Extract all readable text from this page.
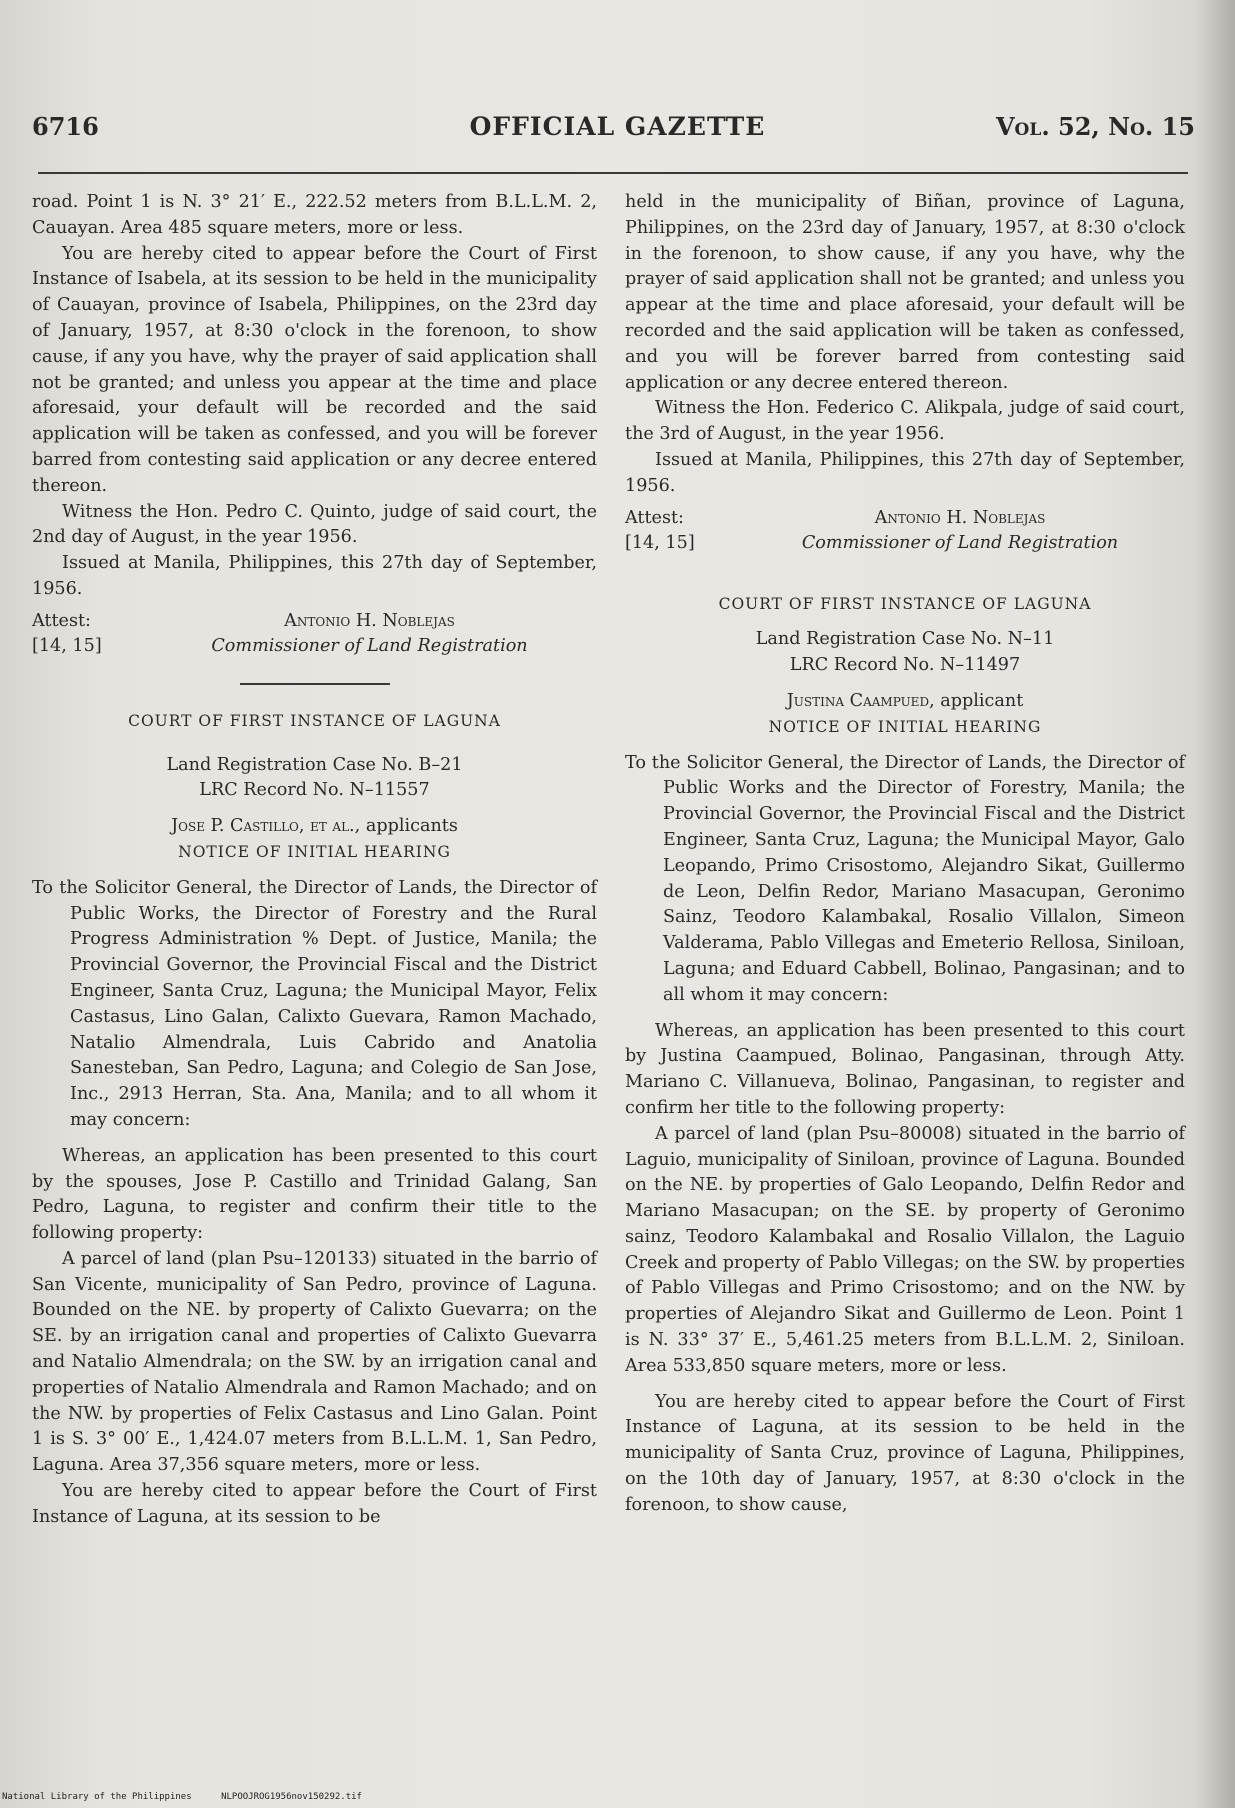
6716	OFFICIAL GAZETTE	Vol. 52, No. 15

road. Point 1 is N. 3° 21′ E., 222.52 meters from B.L.L.M. 2, Cauayan. Area 485 square meters, more or less.

You are hereby cited to appear before the Court of First Instance of Isabela, at its session to be held in the municipality of Cauayan, province of Isabela, Philippines, on the 23rd day of January, 1957, at 8:30 o'clock in the forenoon, to show cause, if any you have, why the prayer of said application shall not be granted; and unless you appear at the time and place aforesaid, your default will be recorded and the said application will be taken as confessed, and you will be forever barred from contesting said application or any decree entered thereon.

Witness the Hon. Pedro C. Quinto, judge of said court, the 2nd day of August, in the year 1956.

Issued at Manila, Philippines, this 27th day of September, 1956.

Attest:	Antonio H. Noblejas
[14, 15]	Commissioner of Land Registration
COURT OF FIRST INSTANCE OF LAGUNA
Land Registration Case No. B–21
LRC Record No. N–11557
Jose P. Castillo, et al., applicants
NOTICE OF INITIAL HEARING

To the Solicitor General, the Director of Lands, the Director of Public Works, the Director of Forestry and the Rural Progress Administration % Dept. of Justice, Manila; the Provincial Governor, the Provincial Fiscal and the District Engineer, Santa Cruz, Laguna; the Municipal Mayor, Felix Castasus, Lino Galan, Calixto Guevara, Ramon Machado, Natalio Almendrala, Luis Cabrido and Anatolia Sanesteban, San Pedro, Laguna; and Colegio de San Jose, Inc., 2913 Herran, Sta. Ana, Manila; and to all whom it may concern:

Whereas, an application has been presented to this court by the spouses, Jose P. Castillo and Trinidad Galang, San Pedro, Laguna, to register and confirm their title to the following property:

A parcel of land (plan Psu–120133) situated in the barrio of San Vicente, municipality of San Pedro, province of Laguna. Bounded on the NE. by property of Calixto Guevarra; on the SE. by an irrigation canal and properties of Calixto Guevarra and Natalio Almendrala; on the SW. by an irrigation canal and properties of Natalio Almendrala and Ramon Machado; and on the NW. by properties of Felix Castasus and Lino Galan. Point 1 is S. 3° 00′ E., 1,424.07 meters from B.L.L.M. 1, San Pedro, Laguna. Area 37,356 square meters, more or less.

You are hereby cited to appear before the Court of First Instance of Laguna, at its session to be

held in the municipality of Biñan, province of Laguna, Philippines, on the 23rd day of January, 1957, at 8:30 o'clock in the forenoon, to show cause, if any you have, why the prayer of said application shall not be granted; and unless you appear at the time and place aforesaid, your default will be recorded and the said application will be taken as confessed, and you will be forever barred from contesting said application or any decree entered thereon.

Witness the Hon. Federico C. Alikpala, judge of said court, the 3rd of August, in the year 1956.

Issued at Manila, Philippines, this 27th day of September, 1956.

Attest:	Antonio H. Noblejas
[14, 15]	Commissioner of Land Registration
COURT OF FIRST INSTANCE OF LAGUNA
Land Registration Case No. N–11
LRC Record No. N–11497
Justina Caampued, applicant
NOTICE OF INITIAL HEARING

To the Solicitor General, the Director of Lands, the Director of Public Works and the Director of Forestry, Manila; the Provincial Governor, the Provincial Fiscal and the District Engineer, Santa Cruz, Laguna; the Municipal Mayor, Galo Leopando, Primo Crisostomo, Alejandro Sikat, Guillermo de Leon, Delfin Redor, Mariano Masacupan, Geronimo Sainz, Teodoro Kalambakal, Rosalio Villalon, Simeon Valderama, Pablo Villegas and Emeterio Rellosa, Siniloan, Laguna; and Eduard Cabbell, Bolinao, Pangasinan; and to all whom it may concern:

Whereas, an application has been presented to this court by Justina Caampued, Bolinao, Pangasinan, through Atty. Mariano C. Villanueva, Bolinao, Pangasinan, to register and confirm her title to the following property:

A parcel of land (plan Psu–80008) situated in the barrio of Laguio, municipality of Siniloan, province of Laguna. Bounded on the NE. by properties of Galo Leopando, Delfin Redor and Mariano Masacupan; on the SE. by property of Geronimo sainz, Teodoro Kalambakal and Rosalio Villalon, the Laguio Creek and property of Pablo Villegas; on the SW. by properties of Pablo Villegas and Primo Crisostomo; and on the NW. by properties of Alejandro Sikat and Guillermo de Leon. Point 1 is N. 33° 37′ E., 5,461.25 meters from B.L.L.M. 2, Siniloan. Area 533,850 square meters, more or less.

You are hereby cited to appear before the Court of First Instance of Laguna, at its session to be held in the municipality of Santa Cruz, province of Laguna, Philippines, on the 10th day of January, 1957, at 8:30 o'clock in the forenoon, to show cause,

National Library of the Philippines	NLPOOJROG1956nov150292.tif
